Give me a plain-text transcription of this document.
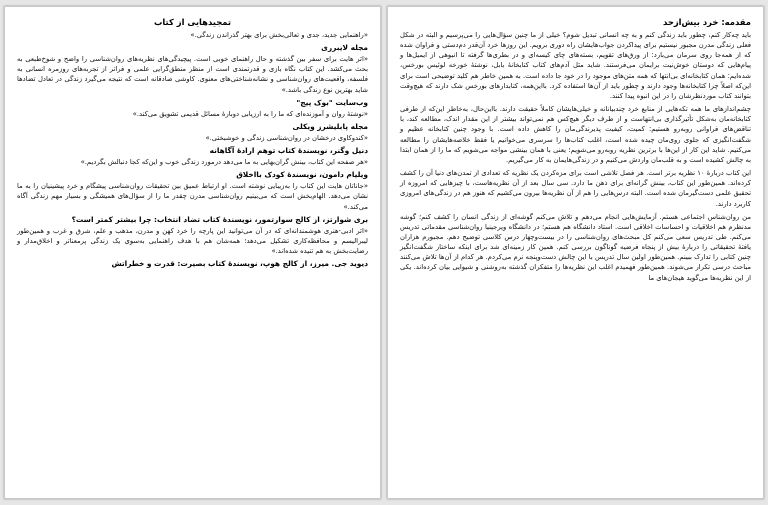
تمجیدهایی از کتاب

«راهنمایی جدید، جدی و تعالی‌بخش برای بهتر گذراندن زندگی.»

مجله لایبرری

«اثر هایت برای سفر بین گذشته و حال راهنمای خوبی است. پیچیدگی‌های نظریه‌های روان‌شناسی را واضح و شوخ‌طبعی به بحث می‌کشد. این کتاب نگاه بازی و قدرتمندی است از منظر منطق‌گرایی علمی و فراتر از تجربه‌های روزمره انسانی به فلسفه، واقعیت‌های روان‌شناسی و نشانه‌شناختی‌های معنوی. کاوشی صادقانه است که نتیجه می‌گیرد زندگی در تعادل تضادها شاید بهترین نوع زندگی باشد.»

وب‌سایت "بوک پیج"

«نوشتهٔ روان و آموزنده‌ای که ما را به ارزیابی دوبارهٔ مسائل قدیمی تشویق می‌کند.»

مجله پابلیشرز ویکلی

«کندوکاوی درخشان در روان‌شناسی زندگی و خوشبختی.»

دنیل وگنر، نویسندهٔ کتاب توهم ارادهٔ آگاهانه

«هر صفحه این کتاب، بینش گران‌بهایی به ما می‌دهد درمورد زندگی خوب و این‌که کجا دنبالش بگردیم.»

ویلیام دامون، نویسندهٔ کودک بااخلاق

«جاناتان هایت این کتاب را به‌زیبایی نوشته است. او ارتباط عمیق بین تحقیقات روان‌شناسی پیشگام و خرد پیشینیان را به ما نشان می‌دهد. الهام‌بخش است که می‌بینیم روان‌شناسی مدرن چقدر ما را از سؤال‌های همیشگی و بسیار مهم زندگی آگاه می‌کند.»

بری شوارتز، از کالج سوارتمور، نویسندهٔ کتاب تضاد انتخاب: چرا بیشتر کمتر است؟

«اثر ادبی-هنری هوشمندانه‌ای که در آن می‌توانید این پارچه را خرد کهن و مدرن، مذهب و علم، شرق و غرب و همین‌طور لیبرالیسم و محافظه‌کاری تشکیل می‌دهد؛ همه‌شان هم با هدف راهنمایی به‌سوی یک زندگی پرمعناتر و اخلاق‌مدار و رضایت‌بخش به هم تنیده شده‌اند.»

دیوید جی. میرز، از کالج هوپ، نویسندهٔ کتاب بصیرت: قدرت و خطراتش
مقدمه: خرد بیش‌ازحد

باید چه‌کار کنم، چطور باید زندگی کنم و به چه انسانی تبدیل شوم؟ خیلی از ما چنین سؤال‌هایی را می‌پرسیم و البته در شکل فعلی زندگی مدرن مجبور نیستیم برای پیداکردن جواب‌هایشان راه دوری برویم. این روزها خرد آن‌قدر دم‌دستی و فراوان شده که از همه‌جا روی سرمان می‌بارد: از ورق‌های تقویم، بسته‌های چای کیسه‌ای و در بطری‌ها گرفته تا انبوهی از ایمیل‌ها و پیام‌هایی که دوستان خوش‌نیت برایمان می‌فرستند. شاید مثل آدم‌های کتاب کتابخانهٔ بابل، نوشتهٔ خورخه لوئیس بورخس، شده‌ایم: همان کتابخانه‌ای بی‌انتها که همه متن‌های موجود را در خود جا داده است. به همین خاطر هم کلید توضیحی است برای این‌که اصلاً چرا کتابخانه‌ها وجود دارند و چطور باید از آن‌ها استفاده کرد. بااین‌همه، کتابدارهای بورخس شک دارند که هیچ‌وقت بتوانند کتاب موردنظرشان را در این انبوه پیدا کنند.

چشم‌اندازهای ما همه تکه‌هایی از منابع خرد چندبیانانه و خیلی‌هایشان کاملاً حقیقت دارند. بااین‌حال، به‌خاطر این‌که از طرفی کتابخانه‌مان به‌شکل تأثیرگذاری بی‌انتهاست و از طرف دیگر هیچ‌کس هم نمی‌تواند بیشتر از این مقدار اندک، مطالعه کند، با تناقض‌های فراوانی روبه‌رو هستیم: کمیت، کیفیت پذیرندگی‌مان را کاهش داده است. با وجود چنین کتابخانه عظیم و شگفت‌انگیزی که جلوی روی‌مان چیده شده است، اغلب کتاب‌ها را سرسری می‌خوانیم یا فقط خلاصه‌هایشان را مطالعه می‌کنیم. شاید این کار از این‌ها با برترین نظریه روبه‌رو می‌شویم؛ یعنی با همان بینشی مواجه می‌شویم که ما را از همان ابتدا به چالش کشیده است و به قلب‌مان واردش می‌کنیم و در زندگی‌هایمان به کار می‌گیریم.

این کتاب دربارهٔ ۱۰ نظریه برتر است. هر فصل تلاشی است برای مزه‌کردن یک نظریه که تعدادی از تمدن‌های دنیا آن را کشف کرده‌اند. همین‌طور این کتاب، بینش گرانه‌ای برای ذهن ما دارد. سی سال بعد از آن نظریه‌هاست، با چیزهایی که امروزه از تحقیق علمی دست‌گیرمان شده است. البته درس‌هایی را هم از آن نظریه‌ها بیرون می‌کشیم که هنوز هم در زندگی‌های امروزی کاربرد دارند.

من روان‌شناس اجتماعی هستم. آزمایش‌هایی انجام می‌دهم و تلاش می‌کنم گوشه‌ای از زندگی انسان را کشف کنم؛ گوشه مدنظرم هم اخلاقیات و احساسات اخلاقی است. استاد دانشگاه هم هستم؛ در دانشگاه ویرجینیا روان‌شناسی مقدماتی تدریس می‌کنم. طی تدریس سعی می‌کنم کل مبحث‌های روان‌شناسی را در بیست‌وچهار درس کلاسی توضیح دهم. مجبورم هزاران یافتهٔ تحقیقاتی را دربارهٔ بیش از پنجاه فرضیه گوناگون بررسی کنم. همین کار زمینه‌ای شد برای اینکه ساختار شگفت‌انگیز چنین کتابی را تدارک ببینم. همین‌طور اولین سال تدریس با این چالش دست‌وپنجه نرم می‌کردم. هر کدام از آن‌ها تلاش می‌کنند مباحث درسی تکرار می‌شوند. همین‌طور فهمیدم اغلب این نظریه‌ها را متفکران گذشته به‌روشنی و شیوایی بیان کرده‌اند. یکی از این نظریه‌ها می‌گوید هیجان‌های ما
